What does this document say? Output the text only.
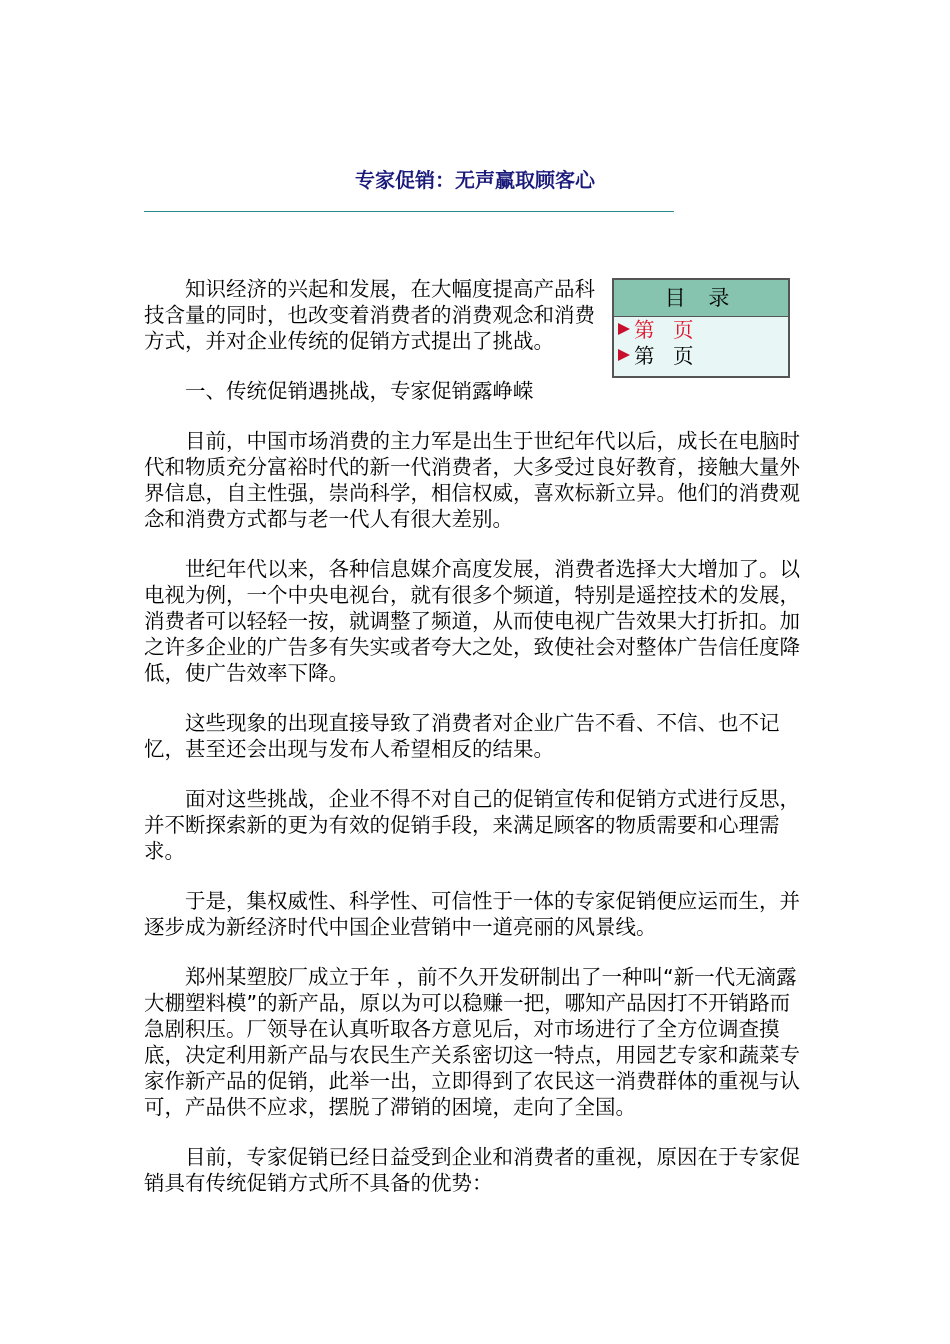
专家促销：无声赢取顾客心
目 录
第 页
第 页

知识经济的兴起和发展，在大幅度提高产品科技含量的同时，也改变着消费者的消费观念和消费方式，并对企业传统的促销方式提出了挑战。

一、传统促销遇挑战，专家促销露峥嵘

目前，中国市场消费的主力军是出生于世纪年代以后，成长在电脑时代和物质充分富裕时代的新一代消费者，大多受过良好教育，接触大量外界信息，自主性强，崇尚科学，相信权威，喜欢标新立异。他们的消费观念和消费方式都与老一代人有很大差别。

世纪年代以来，各种信息媒介高度发展，消费者选择大大增加了。以电视为例，一个中央电视台，就有很多个频道，特别是遥控技术的发展，消费者可以轻轻一按，就调整了频道，从而使电视广告效果大打折扣。加之许多企业的广告多有失实或者夸大之处，致使社会对整体广告信任度降低，使广告效率下降。

这些现象的出现直接导致了消费者对企业广告不看、不信、也不记忆，甚至还会出现与发布人希望相反的结果。

面对这些挑战，企业不得不对自己的促销宣传和促销方式进行反思，并不断探索新的更为有效的促销手段，来满足顾客的物质需要和心理需求。

于是，集权威性、科学性、可信性于一体的专家促销便应运而生，并逐步成为新经济时代中国企业营销中一道亮丽的风景线。

郑州某塑胶厂成立于年 ，前不久开发研制出了一种叫“新一代无滴露大棚塑料模”的新产品，原以为可以稳赚一把，哪知产品因打不开销路而急剧积压。厂领导在认真听取各方意见后，对市场进行了全方位调查摸底，决定利用新产品与农民生产关系密切这一特点，用园艺专家和蔬菜专家作新产品的促销，此举一出，立即得到了农民这一消费群体的重视与认可，产品供不应求，摆脱了滞销的困境，走向了全国。

目前，专家促销已经日益受到企业和消费者的重视，原因在于专家促销具有传统促销方式所不具备的优势：
